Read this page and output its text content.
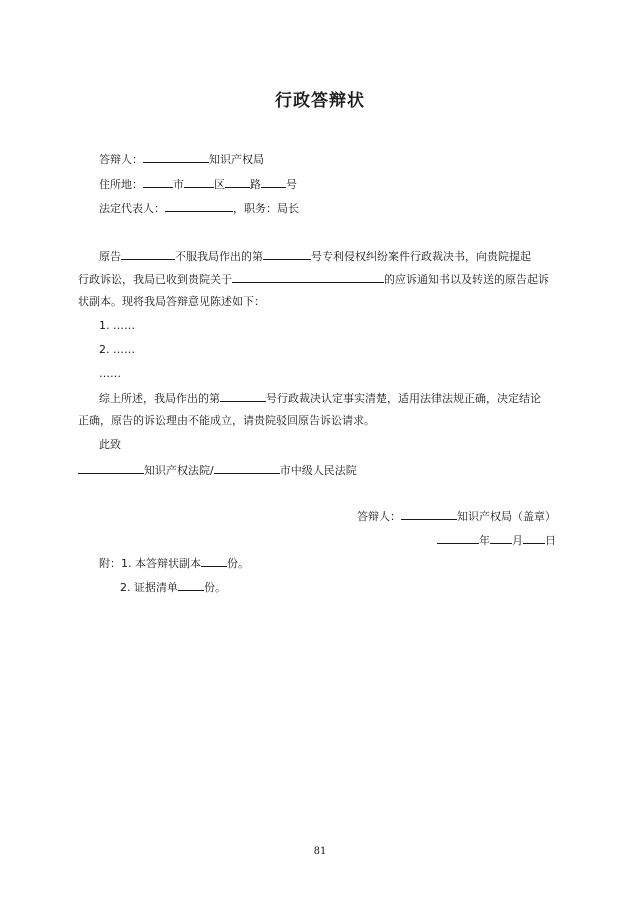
行政答辩状
答辩人：	知识产权局
住所地：	市	区 路 号
法定代表人：	，职务：局长
原告	不服我局作出的第	号专利侵权纠纷案件行政裁决书，向贵院提起
行政诉讼，我局已收到贵院关于	的应诉通知书以及转送的原告起诉
状副本。现将我局答辩意见陈述如下：
1. ……
2. ……
……
综上所述，我局作出的第	号行政裁决认定事实清楚，适用法律法规正确，决定结论
正确，原告的诉讼理由不能成立，请贵院驳回原告诉讼请求。
此致
知识产权法院/	市中级人民法院
答辩人：	知识产权局（盖章）
年 月 日
附：1. 本答辩状副本 份。
2. 证据清单 份。
81
